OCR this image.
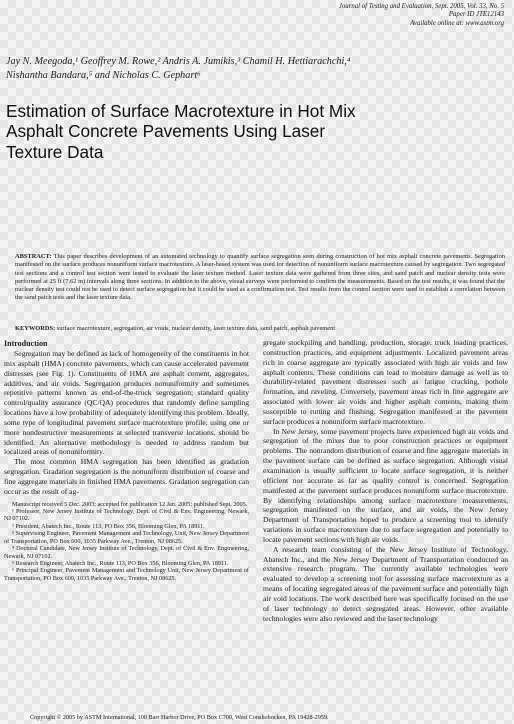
Journal of Testing and Evaluation, Sept. 2005, Vol. 33, No. 5
Paper ID JTE12143
Available online at: www.astm.org
Jay N. Meegoda,¹ Geoffrey M. Rowe,² Andris A. Jumikis,³ Chamil H. Hettiarachchi,⁴
Nishantha Bandara,⁵ and Nicholas C. Gephart⁶
Estimation of Surface Macrotexture in Hot Mix
Asphalt Concrete Pavements Using Laser
Texture Data
ABSTRACT: This paper describes development of an automated technology to quantify surface segregation seen during construction of hot mix asphalt concrete pavements. Segregation manifested on the surface produces nonuniform surface macrotexture. A laser-based system was used for detection of nonuniform surface macrotexture caused by segregation. Two segregated test sections and a control test section were tested to evaluate the laser texture method. Laser texture data were gathered from three sites, and sand patch and nuclear density tests were performed at 25 ft (7.62 m) intervals along three sections. In addition to the above, visual surveys were performed to confirm the measurements. Based on the test results, it was found that the nuclear density test could not be used to detect surface segregation but it could be used as a confirmation test. Test results from the control section were used to establish a correlation between the sand patch tests and the laser texture data.
KEYWORDS: surface macrotexture, segregation, air voids, nuclear density, laser texture data, sand patch, asphalt pavement
Introduction

Segregation may be defined as lack of homogeneity of the constituents in hot mix asphalt (HMA) concrete pavements, which can cause accelerated pavement distresses (see Fig. 1). Constituents of HMA are asphalt cement, aggregates, additives, and air voids. Segregation produces nonuniformity and sometimes repetitive patterns known as end-of-the-truck segregation; standard quality control/quality assurance (QC/QA) procedures that randomly define sampling locations have a low probability of adequately identifying this problem. Ideally, some type of longitudinal pavement surface macrotexture profile, using one or more nondestructive measurements at selected transverse locations, should be identified. An alternative methodology is needed to address random but localized areas of nonuniformity.

The most common HMA segregation has been identified as gradation segregation. Gradation segregation is the nonuniform distribution of coarse and fine aggregate materials in finished HMA pavements. Gradation segregation can occur as the result of ag-

Manuscript received 5 Dec. 2003; accepted for publication 12 Jan. 2005; published Sept. 2005.

¹ Professor, New Jersey Institute of Technology, Dept. of Civil & Env. Engineering, Newark, NJ 07102.

² President, Abatech Inc., Route 113, PO Box 356, Blooming Glen, PA 18911.

³ Supervising Engineer, Pavement Management and Technology, Unit, New Jersey Department of Transportation, PO Box 600, 1035 Parkway Ave., Trenton, NJ 08625.

⁴ Doctoral Candidate, New Jersey Institute of Technology, Dept. of Civil & Env. Engineering, Newark, NJ 07102.

⁵ Research Engineer, Abatech Inc., Route 113, PO Box 356, Blooming Glen, PA 18911.

⁶ Principal Engineer, Pavement Management and Technology Unit, New Jersey Department of Transportation, PO Box 600, 1035 Parkway Ave., Trenton, NJ 08625.

gregate stockpiling and handling, production, storage, truck loading practices, construction practices, and equipment adjustments. Localized pavement areas rich in coarse aggregate are typically associated with high air voids and low asphalt contents. These conditions can lead to moisture damage as well as to durability-related pavement distresses such as fatigue cracking, pothole formation, and raveling. Conversely, pavement areas rich in fine aggregate are associated with lower air voids and higher asphalt contents, making them susceptible to rutting and flushing. Segregation manifested at the pavement surface produces a nonuniform surface macrotexture.

In New Jersey, some pavement projects have experienced high air voids and segregation of the mixes due to poor construction practices or equipment problems. The nonrandom distribution of coarse and fine aggregate materials in the pavement surface can be defined as surface segregation. Although visual examination is usually sufficient to locate surface segregation, it is neither efficient nor accurate as far as quality control is concerned. Segregation manifested at the pavement surface produces nonuniform surface macrotexture. By identifying relationships among surface macrotexture measurements, segregation manifested on the surface, and air voids, the New Jersey Department of Transportation hoped to produce a screening tool to identify variations in surface macrotexture due to surface segregation and potentially to locate pavement sections with high air voids.

A research team consisting of the New Jersey Institute of Technology, Abatech Inc., and the New Jersey Department of Transportation conducted an extensive research program. The currently available technologies were evaluated to develop a screening tool for assessing surface macrotexture as a means of locating segregated areas of the pavement surface and potentially high air void locations. The work described here was specifically focused on the use of laser technology to detect segregated areas. However, other available technologies were also reviewed and the laser technology

Copyright © 2005 by ASTM International, 100 Barr Harbor Drive, PO Box C700, West Conshohocken, PA 19428-2959.
